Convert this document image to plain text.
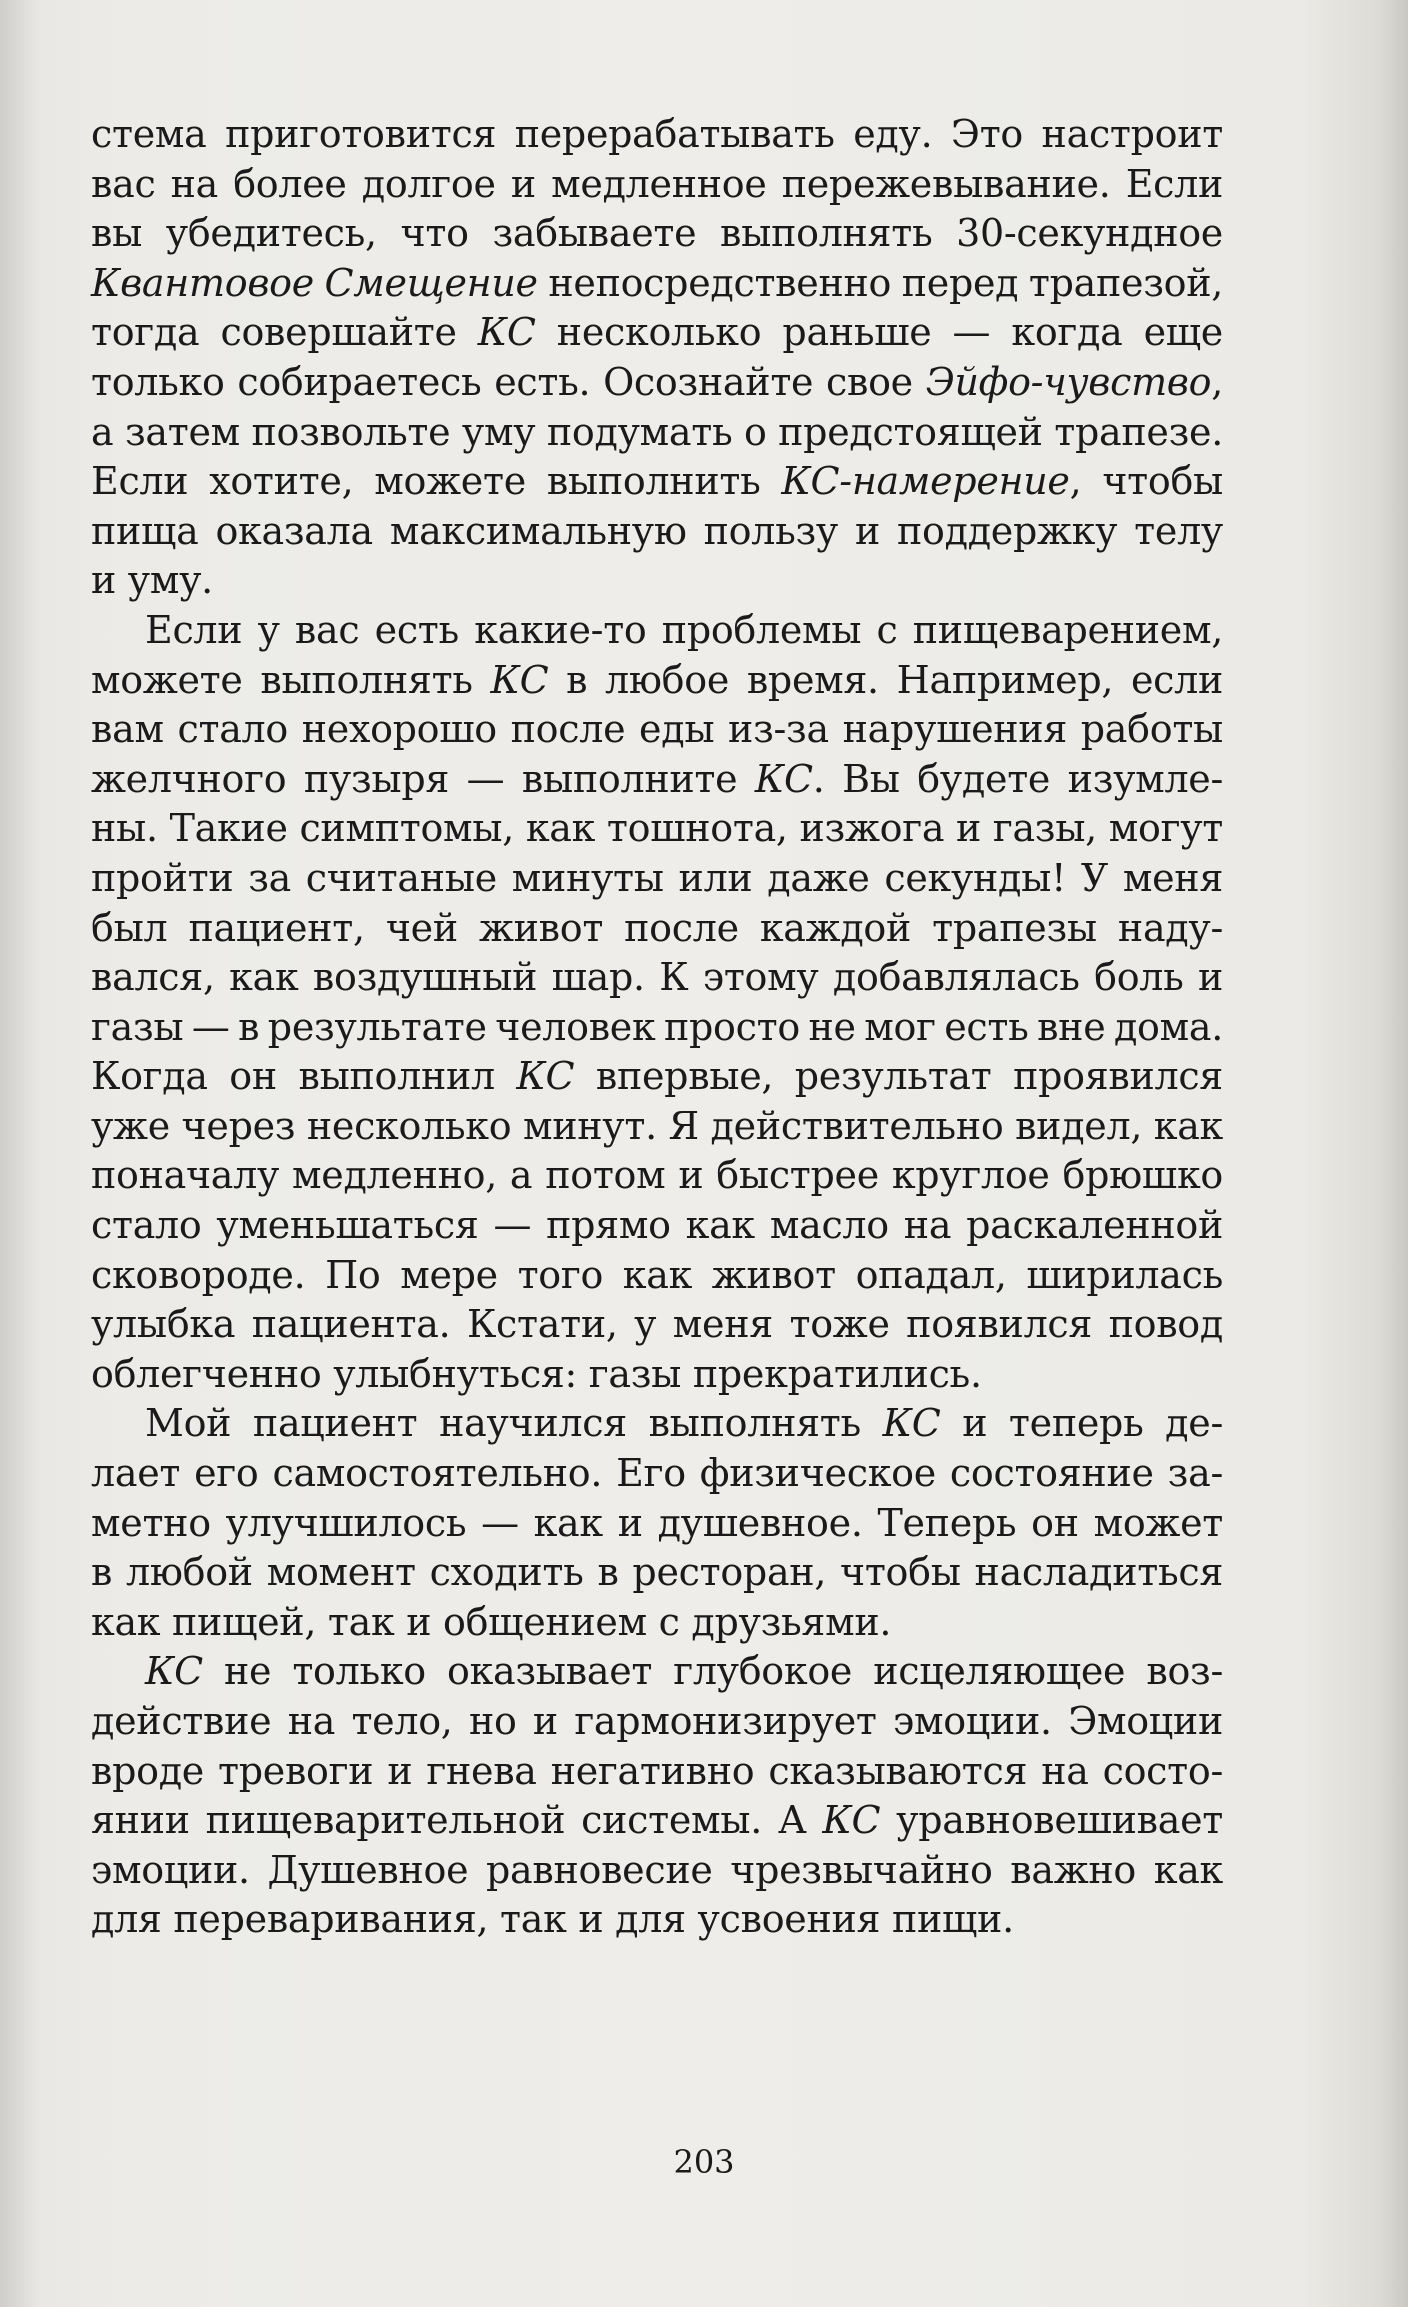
стема приготовится перерабатывать еду. Это настроит
вас на более долгое и медленное пережевывание. Если
вы убедитесь, что забываете выполнять 30-секундное
Квантовое Смещение непосредственно перед трапезой,
тогда совершайте КС несколько раньше — когда еще
только собираетесь есть. Осознайте свое Эйфо-чувство,
а затем позвольте уму подумать о предстоящей трапезе.
Если хотите, можете выполнить КС-намерение, чтобы
пища оказала максимальную пользу и поддержку телу
и уму.
Если у вас есть какие-то проблемы с пищеварением,
можете выполнять КС в любое время. Например, если
вам стало нехорошо после еды из-за нарушения работы
желчного пузыря — выполните КС. Вы будете изумле-
ны. Такие симптомы, как тошнота, изжога и газы, могут
пройти за считаные минуты или даже секунды! У меня
был пациент, чей живот после каждой трапезы наду-
вался, как воздушный шар. К этому добавлялась боль и
газы — в результате человек просто не мог есть вне дома.
Когда он выполнил КС впервые, результат проявился
уже через несколько минут. Я действительно видел, как
поначалу медленно, а потом и быстрее круглое брюшко
стало уменьшаться — прямо как масло на раскаленной
сковороде. По мере того как живот опадал, ширилась
улыбка пациента. Кстати, у меня тоже появился повод
облегченно улыбнуться: газы прекратились.
Мой пациент научился выполнять КС и теперь де-
лает его самостоятельно. Его физическое состояние за-
метно улучшилось — как и душевное. Теперь он может
в любой момент сходить в ресторан, чтобы насладиться
как пищей, так и общением с друзьями.
КС не только оказывает глубокое исцеляющее воз-
действие на тело, но и гармонизирует эмоции. Эмоции
вроде тревоги и гнева негативно сказываются на состо-
янии пищеварительной системы. А КС уравновешивает
эмоции. Душевное равновесие чрезвычайно важно как
для переваривания, так и для усвоения пищи.
203
